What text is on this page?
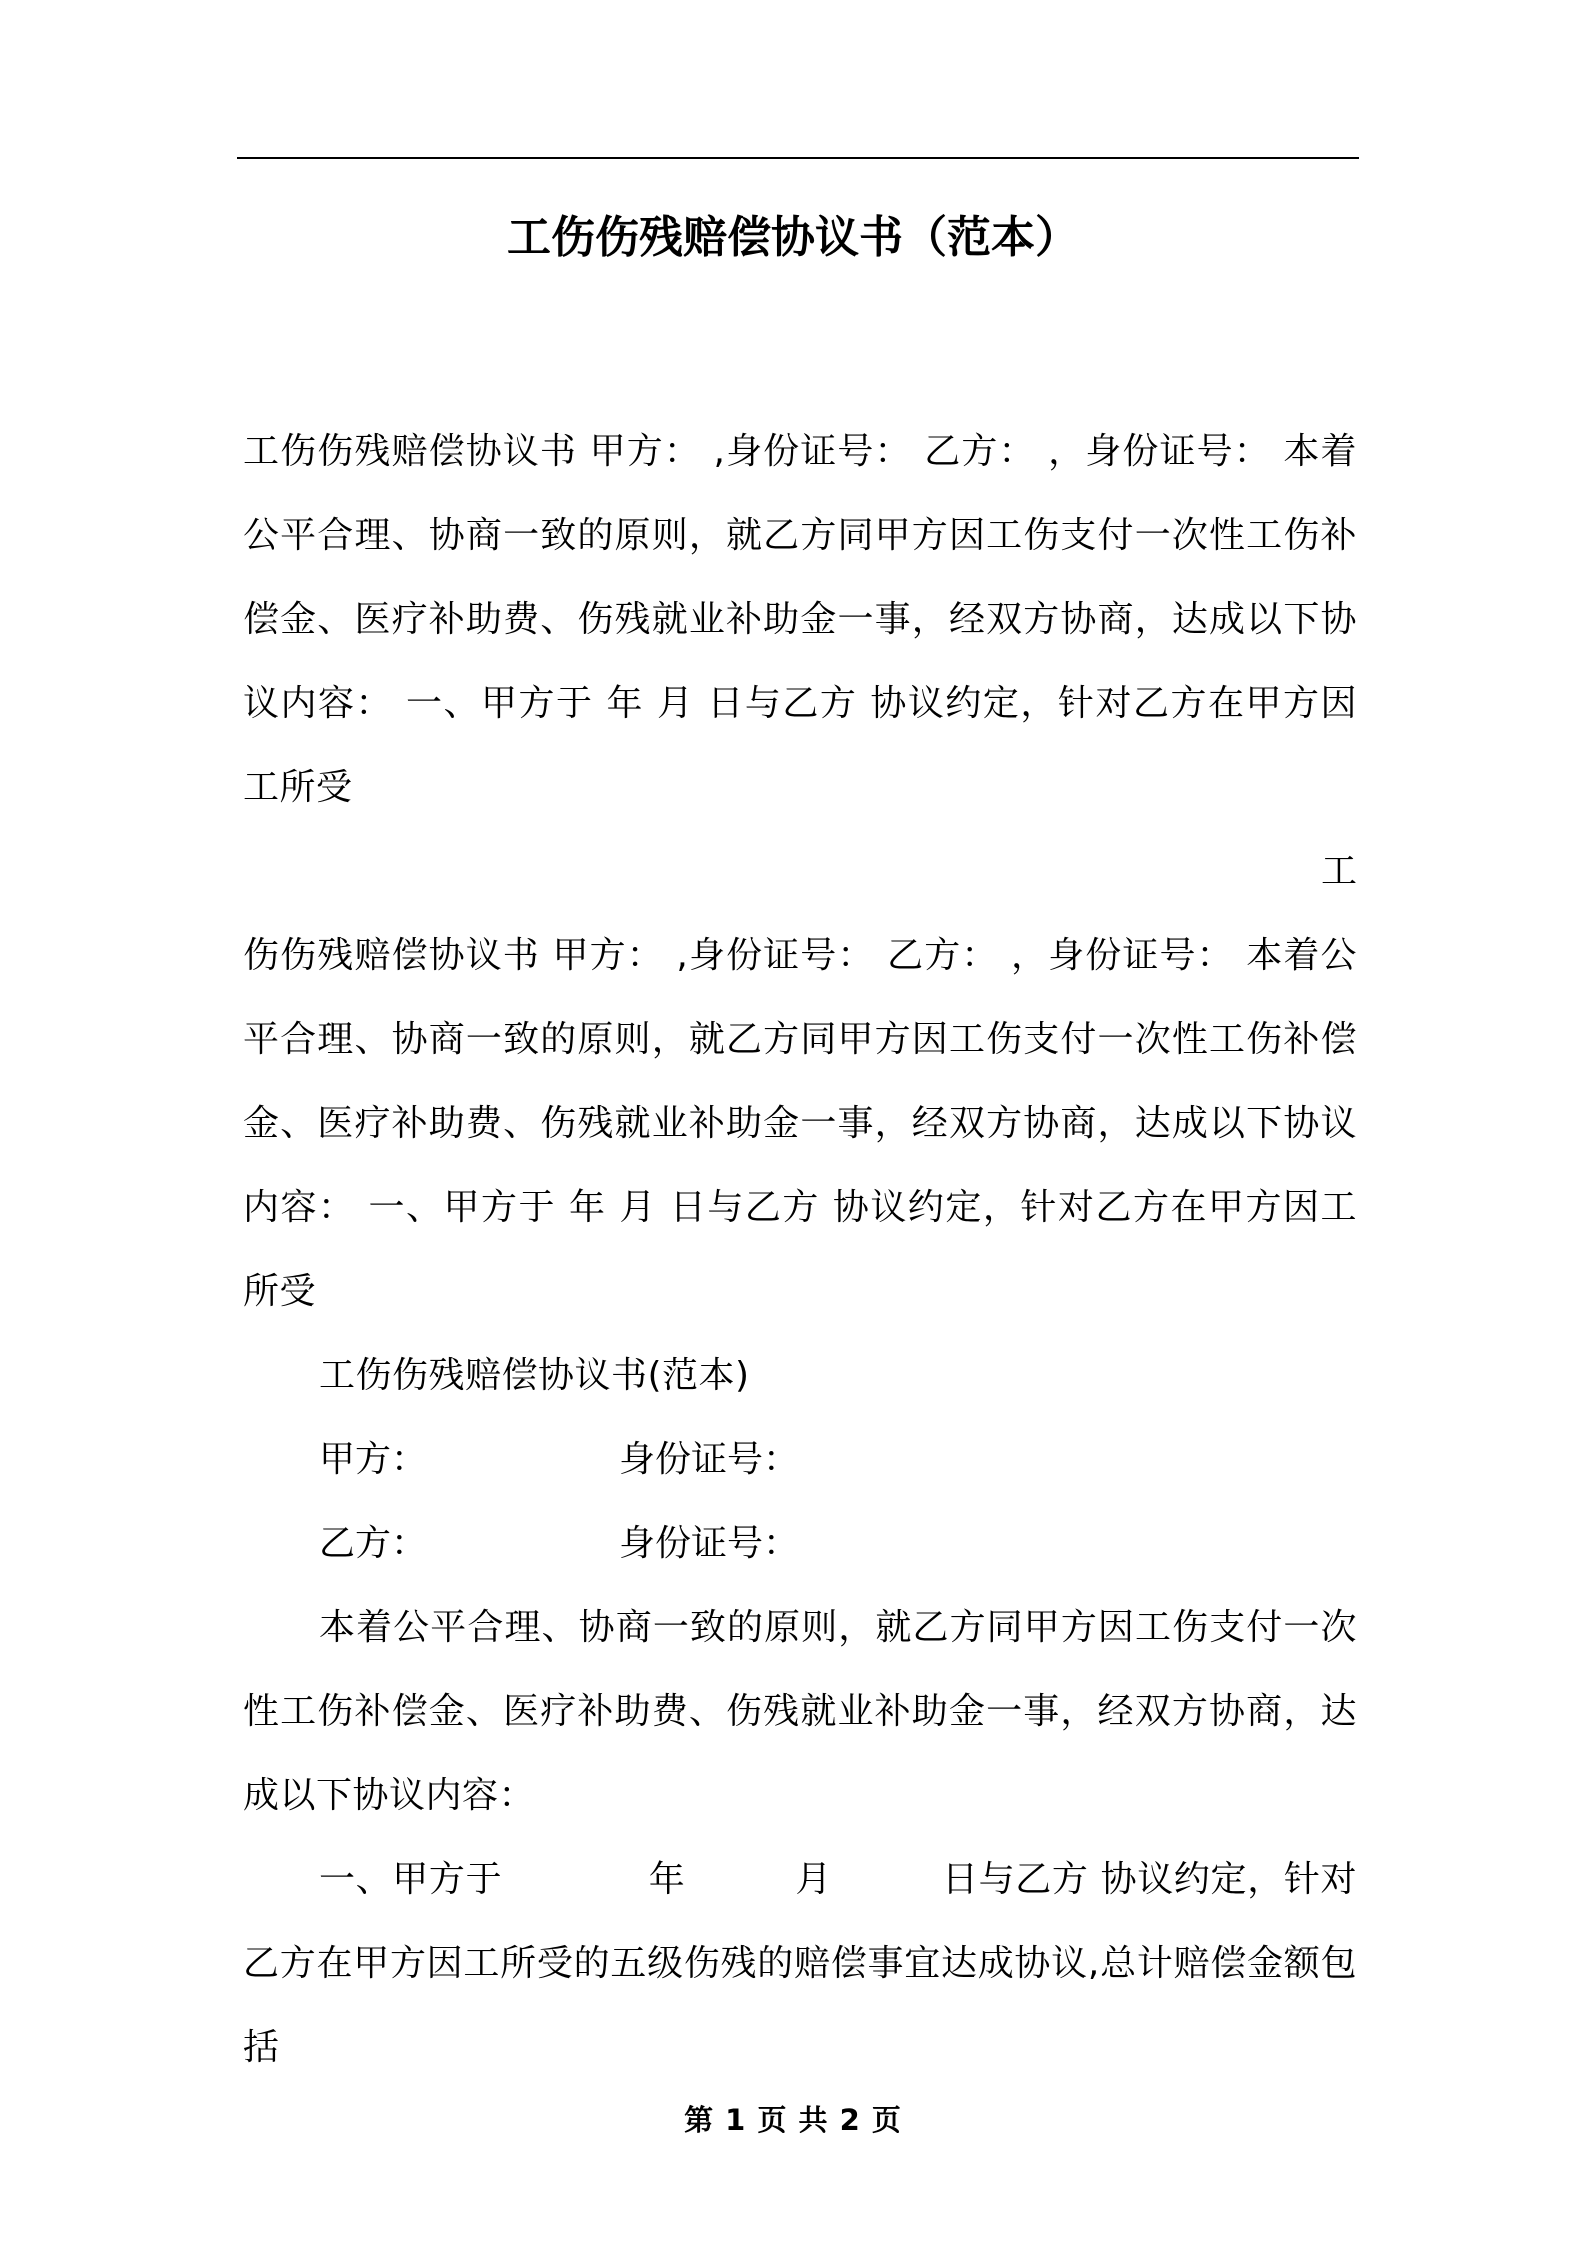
工伤伤残赔偿协议书（范本）

工伤伤残赔偿协议书 甲方： ,身份证号： 乙方： ，身份证号： 本着公平合理、协商一致的原则，就乙方同甲方因工伤支付一次性工伤补偿金、医疗补助费、伤残就业补助金一事，经双方协商，达成以下协议内容： 一、甲方于 年 月 日与乙方 协议约定，针对乙方在甲方因工所受

工

伤伤残赔偿协议书 甲方： ,身份证号： 乙方： ，身份证号： 本着公平合理、协商一致的原则，就乙方同甲方因工伤支付一次性工伤补偿金、医疗补助费、伤残就业补助金一事，经双方协商，达成以下协议内容： 一、甲方于 年 月 日与乙方 协议约定，针对乙方在甲方因工所受

工伤伤残赔偿协议书(范本)

甲方：	身份证号：
乙方：	身份证号：

本着公平合理、协商一致的原则，就乙方同甲方因工伤支付一次性工伤补偿金、医疗补助费、伤残就业补助金一事，经双方协商，达成以下协议内容：

一、甲方于　　　　年　　　月　　　日与乙方 协议约定，针对乙方在甲方因工所受的五级伤残的赔偿事宜达成协议,总计赔偿金额包括

第 1 页 共 2 页
